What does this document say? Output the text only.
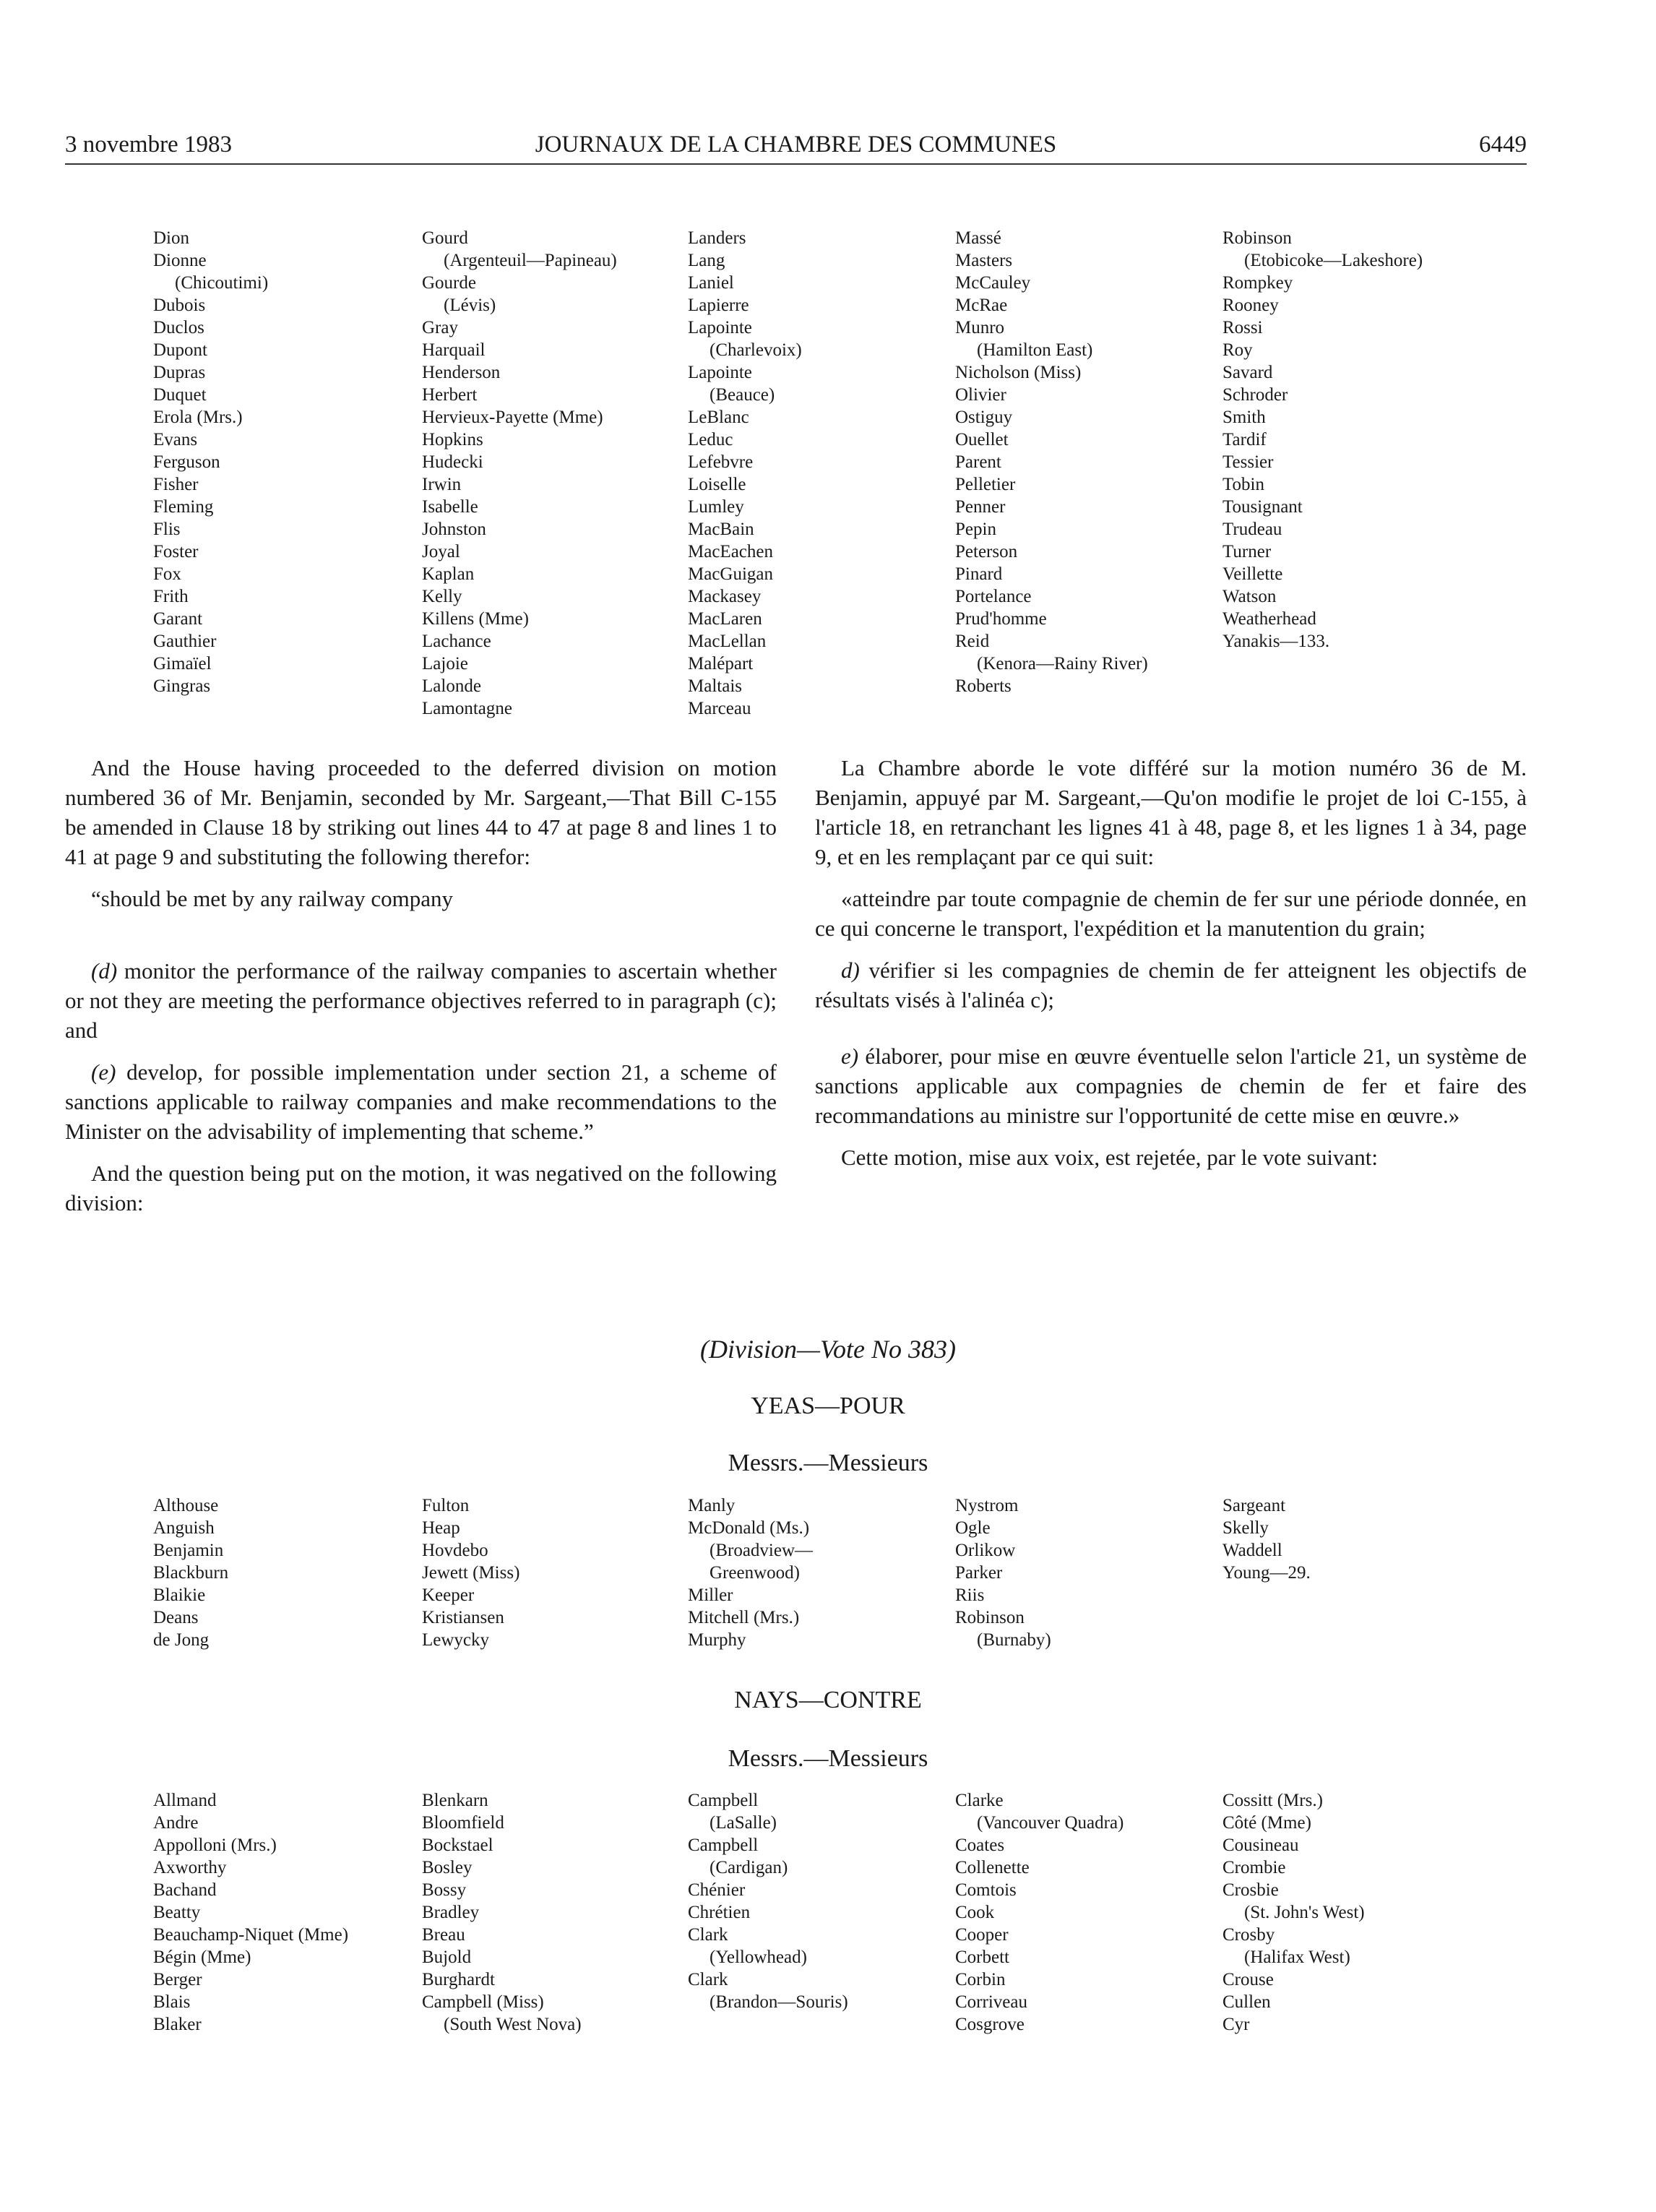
3 novembre 1983	JOURNAUX DE LA CHAMBRE DES COMMUNES	6449
Dion
Dionne
(Chicoutimi)
Dubois
Duclos
Dupont
Dupras
Duquet
Erola (Mrs.)
Evans
Ferguson
Fisher
Fleming
Flis
Foster
Fox
Frith
Garant
Gauthier
Gimaïel
Gingras
Gourd
(Argenteuil—Papineau)
Gourde
(Lévis)
Gray
Harquail
Henderson
Herbert
Hervieux-Payette (Mme)
Hopkins
Hudecki
Irwin
Isabelle
Johnston
Joyal
Kaplan
Kelly
Killens (Mme)
Lachance
Lajoie
Lalonde
Lamontagne
Landers
Lang
Laniel
Lapierre
Lapointe
(Charlevoix)
Lapointe
(Beauce)
LeBlanc
Leduc
Lefebvre
Loiselle
Lumley
MacBain
MacEachen
MacGuigan
Mackasey
MacLaren
MacLellan
Malépart
Maltais
Marceau
Massé
Masters
McCauley
McRae
Munro
(Hamilton East)
Nicholson (Miss)
Olivier
Ostiguy
Ouellet
Parent
Pelletier
Penner
Pepin
Peterson
Pinard
Portelance
Prud'homme
Reid
(Kenora—Rainy River)
Roberts
Robinson
(Etobicoke—Lakeshore)
Rompkey
Rooney
Rossi
Roy
Savard
Schroder
Smith
Tardif
Tessier
Tobin
Tousignant
Trudeau
Turner
Veillette
Watson
Weatherhead
Yanakis—133.

And the House having proceeded to the deferred division on motion numbered 36 of Mr. Benjamin, seconded by Mr. Sargeant,—That Bill C-155 be amended in Clause 18 by striking out lines 44 to 47 at page 8 and lines 1 to 41 at page 9 and substituting the following therefor:

“should be met by any railway company

(d) monitor the performance of the railway companies to ascertain whether or not they are meeting the performance objectives referred to in paragraph (c); and

(e) develop, for possible implementation under section 21, a scheme of sanctions applicable to railway companies and make recommendations to the Minister on the advisability of implementing that scheme.”

And the question being put on the motion, it was negatived on the following division:

La Chambre aborde le vote différé sur la motion numéro 36 de M. Benjamin, appuyé par M. Sargeant,—Qu'on modifie le projet de loi C-155, à l'article 18, en retranchant les lignes 41 à 48, page 8, et les lignes 1 à 34, page 9, et en les remplaçant par ce qui suit:

«atteindre par toute compagnie de chemin de fer sur une période donnée, en ce qui concerne le transport, l'expédition et la manutention du grain;

d) vérifier si les compagnies de chemin de fer atteignent les objectifs de résultats visés à l'alinéa c);

e) élaborer, pour mise en œuvre éventuelle selon l'article 21, un système de sanctions applicable aux compagnies de chemin de fer et faire des recommandations au ministre sur l'opportunité de cette mise en œuvre.»

Cette motion, mise aux voix, est rejetée, par le vote suivant:

(Division—Vote No 383)
YEAS—POUR
Messrs.—Messieurs
Althouse
Anguish
Benjamin
Blackburn
Blaikie
Deans
de Jong
Fulton
Heap
Hovdebo
Jewett (Miss)
Keeper
Kristiansen
Lewycky
Manly
McDonald (Ms.)
(Broadview—
Greenwood)
Miller
Mitchell (Mrs.)
Murphy
Nystrom
Ogle
Orlikow
Parker
Riis
Robinson
(Burnaby)
Sargeant
Skelly
Waddell
Young—29.
NAYS—CONTRE
Messrs.—Messieurs
Allmand
Andre
Appolloni (Mrs.)
Axworthy
Bachand
Beatty
Beauchamp-Niquet (Mme)
Bégin (Mme)
Berger
Blais
Blaker
Blenkarn
Bloomfield
Bockstael
Bosley
Bossy
Bradley
Breau
Bujold
Burghardt
Campbell (Miss)
(South West Nova)
Campbell
(LaSalle)
Campbell
(Cardigan)
Chénier
Chrétien
Clark
(Yellowhead)
Clark
(Brandon—Souris)
Clarke
(Vancouver Quadra)
Coates
Collenette
Comtois
Cook
Cooper
Corbett
Corbin
Corriveau
Cosgrove
Cossitt (Mrs.)
Côté (Mme)
Cousineau
Crombie
Crosbie
(St. John's West)
Crosby
(Halifax West)
Crouse
Cullen
Cyr
